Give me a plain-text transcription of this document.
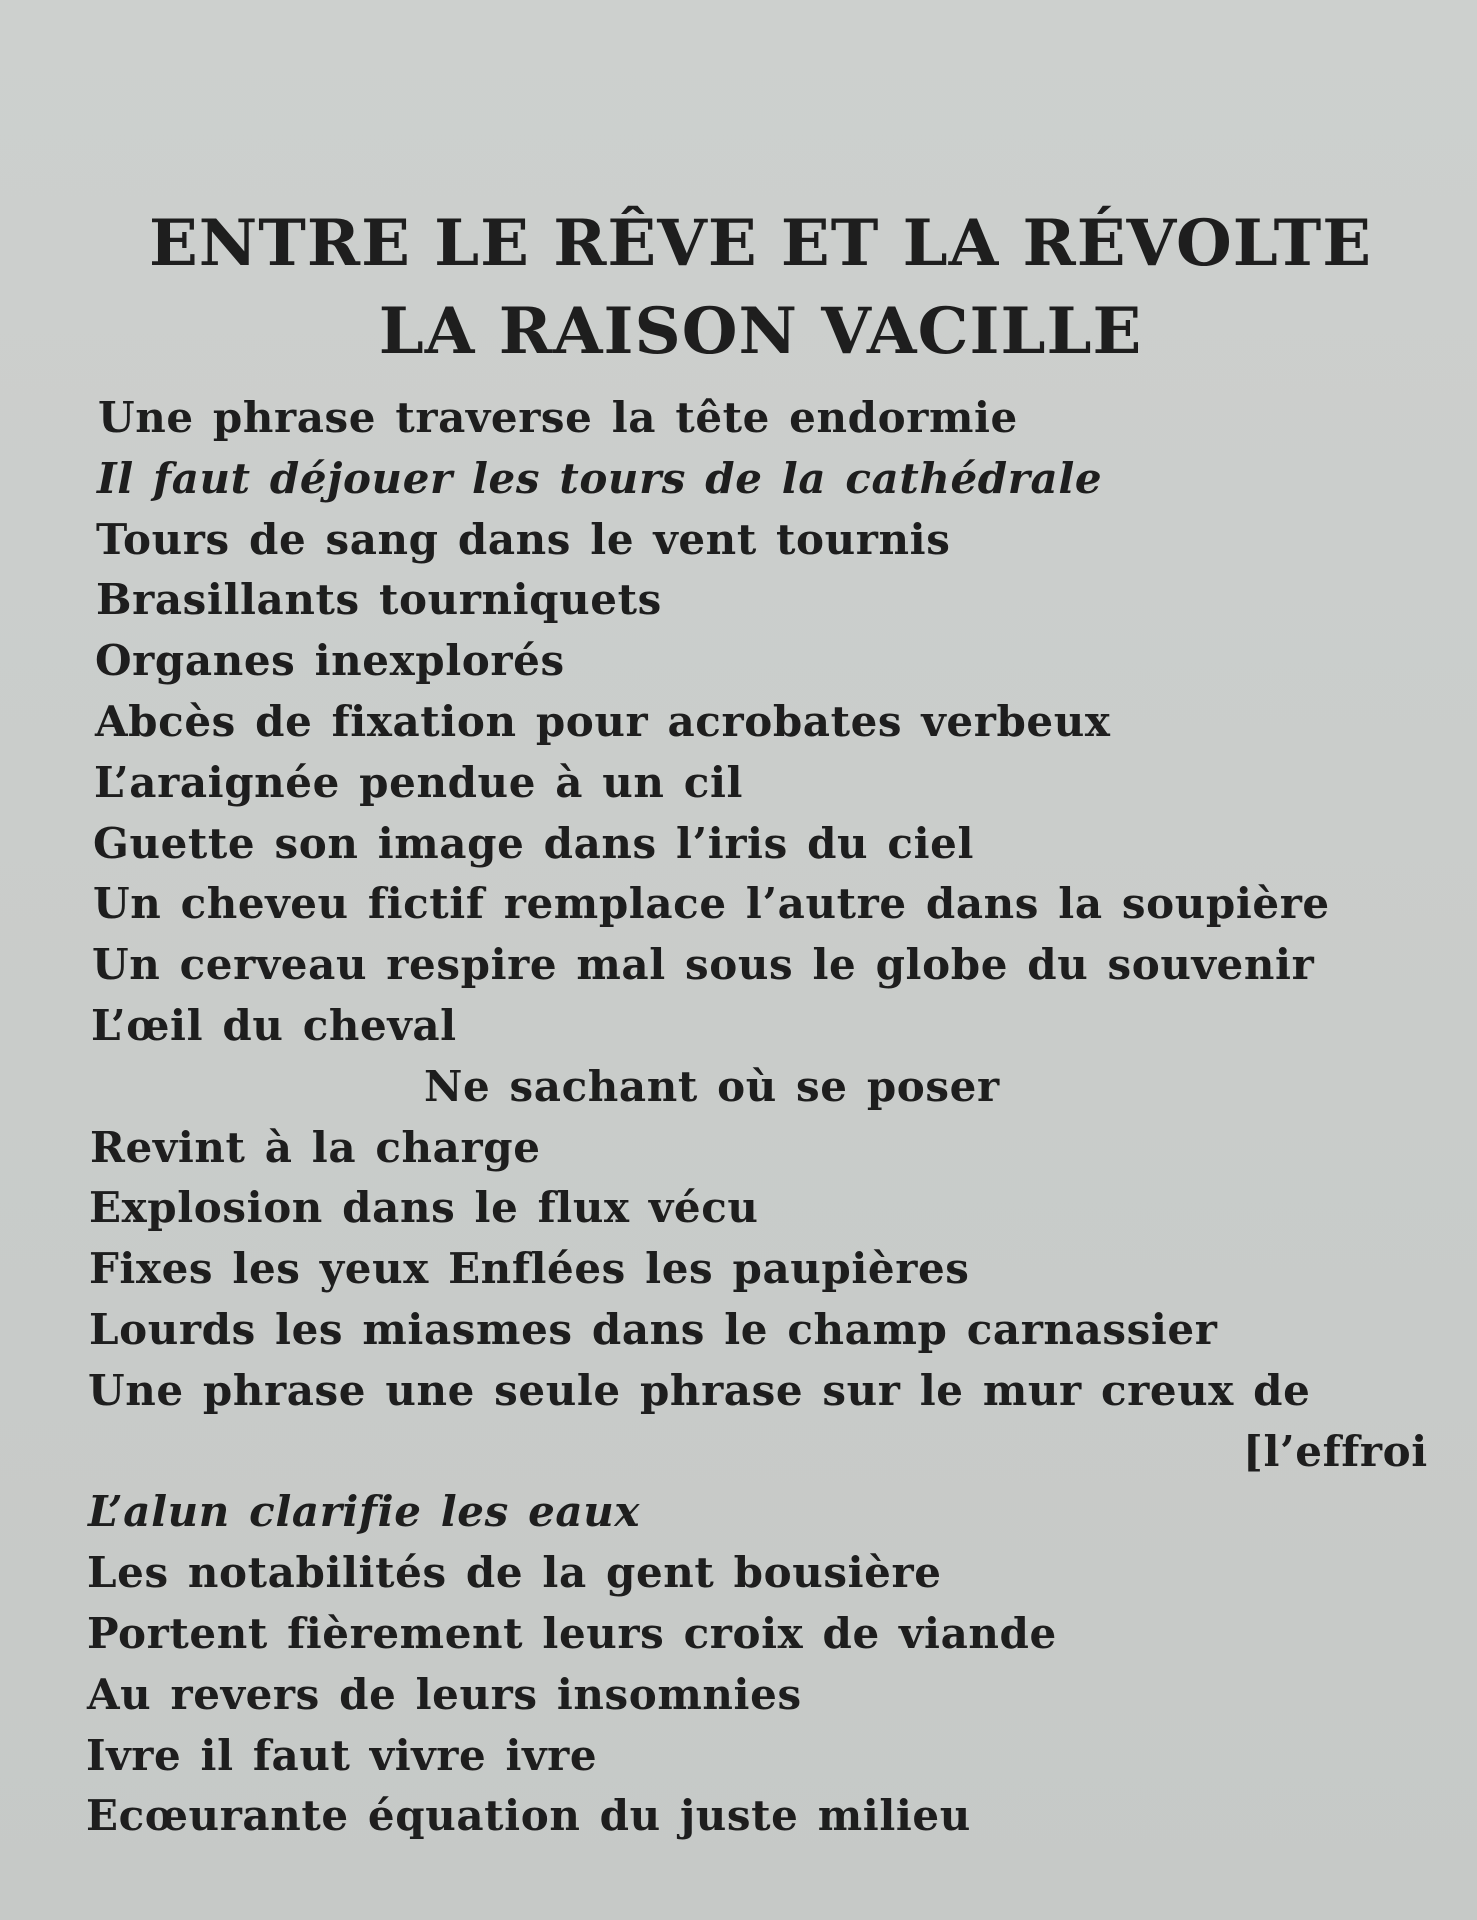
ENTRE LE RÊVE ET LA RÉVOLTE
LA RAISON VACILLE
Une phrase traverse la tête endormie
Il faut déjouer les tours de la cathédrale
Tours de sang dans le vent tournis
Brasillants tourniquets
Organes inexplorés
Abcès de fixation pour acrobates verbeux
L’araignée pendue à un cil
Guette son image dans l’iris du ciel
Un cheveu fictif remplace l’autre dans la soupière
Un cerveau respire mal sous le globe du souvenir
L’œil du cheval
Ne sachant où se poser
Revint à la charge
Explosion dans le flux vécu
Fixes les yeux Enflées les paupières
Lourds les miasmes dans le champ carnassier
Une phrase une seule phrase sur le mur creux de
[l’effroi
L’alun clarifie les eaux
Les notabilités de la gent bousière
Portent fièrement leurs croix de viande
Au revers de leurs insomnies
Ivre il faut vivre ivre
Ecœurante équation du juste milieu
